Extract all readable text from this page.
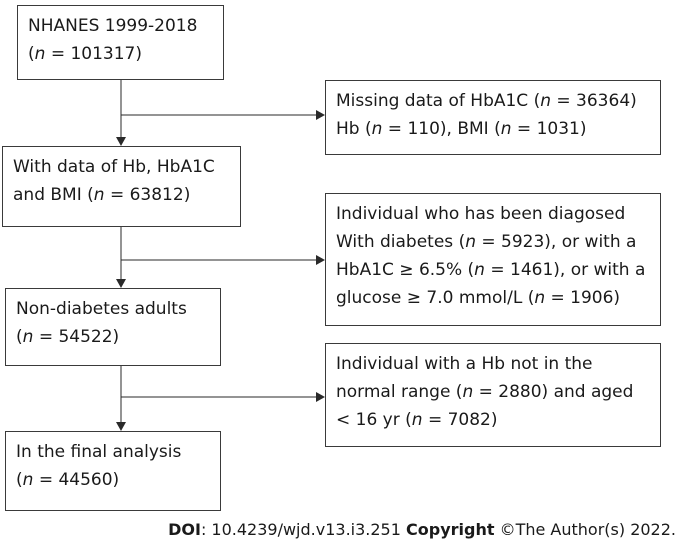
NHANES 1999-2018
(n = 101317)
Missing data of HbA1C (n = 36364)
Hb (n = 110), BMI (n = 1031)
With data of Hb, HbA1C
and BMI (n = 63812)
Individual who has been diagosed
With diabetes (n = 5923), or with a
HbA1C ≥ 6.5% (n = 1461), or with a
glucose ≥ 7.0 mmol/L (n = 1906)
Non-diabetes adults
(n = 54522)
Individual with a Hb not in the
normal range (n = 2880) and aged
< 16 yr (n = 7082)
In the final analysis
(n = 44560)
DOI: 10.4239/wjd.v13.i3.251 Copyright ©The Author(s) 2022.
